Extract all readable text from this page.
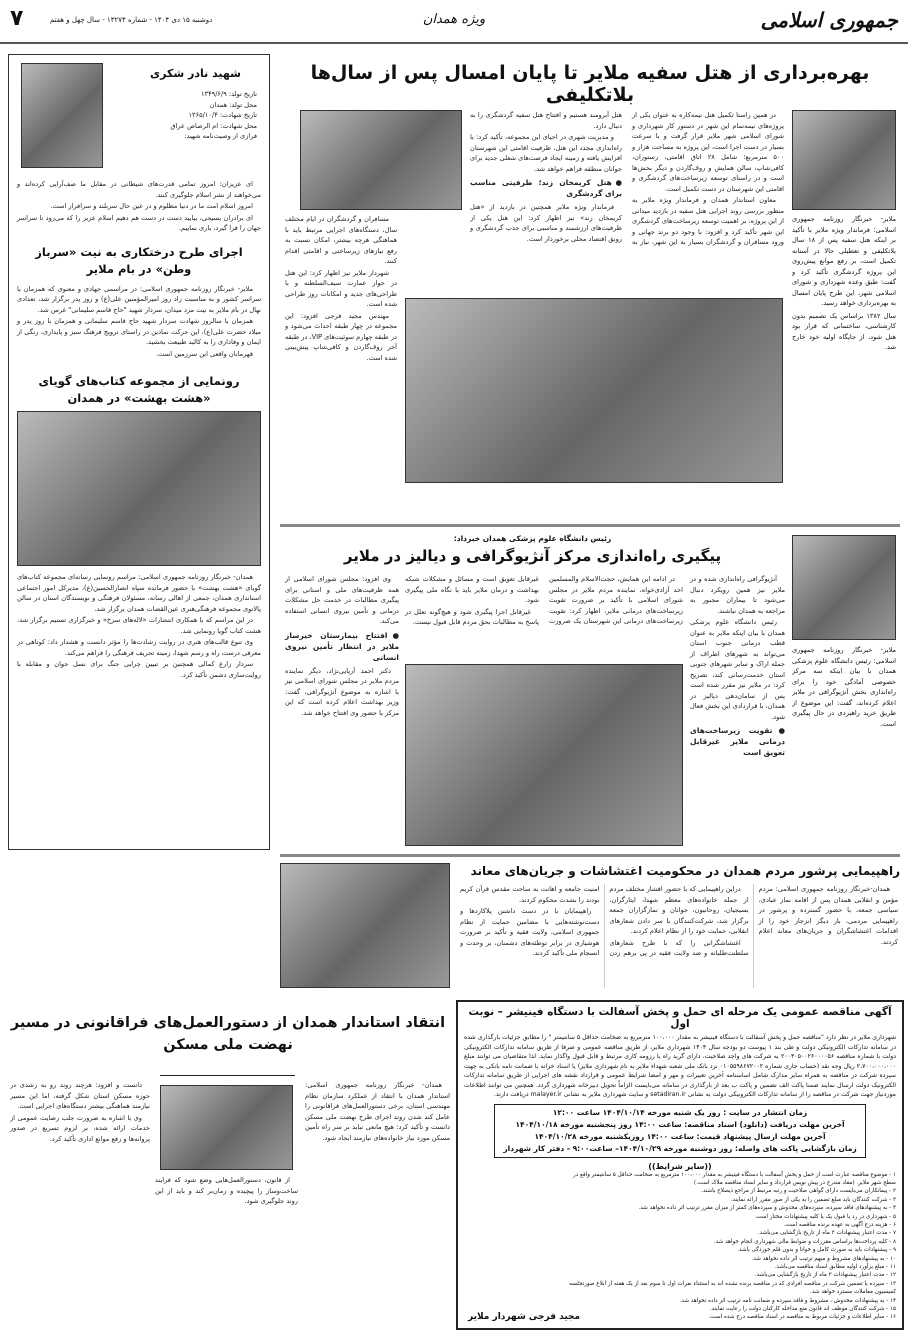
جمهوری اسلامی
ویژه همدان
۷	دوشنبه ۱۵ دی ۱۴۰۴ - شماره ۱۳۲۷۴ - سال چهل و هفتم
شهید نادر شکری
تاریخ تولد: ۱۳۴۹/۶/۹
محل تولد: همدان
تاریخ شهادت: ۱۳۶۵/۱۰/۴
محل شهادت: ام الرصاص عراق
فرازی از وصیت‌نامه شهید:

ای عزیزان؛ امروز تمامی قدرت‌های شیطانی در مقابل ما صف‌آرایی کرده‌اند و می‌خواهند از نشر اسلام جلوگیری کنند.

امروز اسلام امت ما در دنیا مظلوم و در عین حال سربلند و سرافراز است.

ای برادران بسیجی، بیایید دست در دست هم دهیم اسلام عزیز را که می‌رود تا سراسر جهان را فرا گیرد، یاری نماییم.

اجرای طرح درختکاری به نیت «سرباز وطن» در بام ملایر

ملایر- خبرنگار روزنامه جمهوری اسلامی: در مراسمی جهادی و معنوی که همزمان با سراسر کشور و به مناسبت زاد روز امیرالمؤمنین علی(ع) و روز پدر برگزار شد، تعدادی نهال در بام ملایر به نیت مرد میدان، سردار شهید "حاج قاسم سلیمانی" غرس شد.

همزمان با سالروز شهادت سردار شهید حاج قاسم سلیمانی و همزمان با روز پدر و میلاد حضرت علی(ع)، این حرکت نمادین در راستای ترویج فرهنگ سبز و پایداری، رنگی از ایمان و وفاداری را به کالبد طبیعت بخشید.

قهرمانان واقعی این سرزمین است.

رونمایی از مجموعه کتاب‌های گویای «هشت بهشت» در همدان

همدان- خبرنگار روزنامه جمهوری اسلامی: مراسم رونمایی رسانه‌ای مجموعه کتاب‌های گویای «هشت بهشت» با حضور فرمانده سپاه انصارالحسین(ع)، مدیرکل امور اجتماعی استانداری همدان، جمعی از اهالی رسانه، مسئولان فرهنگی و نویسندگان استان در سالن پالاتوی مجموعه فرهنگی‌هنری عین‌القضات همدان برگزار شد.

در این مراسم که با همکاری انتشارات «لاله‌های سرخ» و خبرگزاری تسنیم برگزار شد، هشت کتاب گویا رونمایی شد.

وی تنوع قالب‌های هنری در روایت رشادت‌ها را مؤثر دانست و هشدار داد: کوتاهی در معرفی درست راه و رسم شهدا، زمینه تحریف فرهنگی را فراهم می‌کند.

سردار زارع کمالی همچنین بر تبیین چرایی جنگ برای نسل جوان و مقابله با روایت‌سازی دشمن تأکید کرد.

بهره‌برداری از هتل سفیه ملایر تا پایان امسال پس از سال‌ها بلاتکلیفی

ملایر- خبرنگار روزنامه جمهوری اسلامی: فرماندار ویژه ملایر با تأکید بر اینکه هتل سفیه پس از ۱۸ سال بلاتکلیفی و تعطیلی حالا در آستانه تکمیل است، بر رفع موانع پیش‌روی این پروژه گردشگری تأکید کرد و گفت: طبق وعده شهرداری و شورای اسلامی شهر، این طرح پایان امسال به بهره‌برداری خواهد رسید.

سال ۱۳۸۲ براساس یک تصمیم بدون کارشناسی، ساختمانی که قرار بود هتل شود، از جایگاه اولیه خود خارج شد.

در همین راستا تکمیل هتل نیمه‌کاره به عنوان یکی از پروژه‌های نیمه‌تمام این شهر در دستور کار شهرداری و شورای اسلامی شهر ملایر قرار گرفت و با سرعت بسیار در دست اجرا است، این پروژه به مساحت هزار و ۵۰۰ مترمربع؛ شامل ۲۸ اتاق اقامتی، رستوران، کافی‌شاپ، سالن همایش و روف‌گاردن و دیگر بخش‌ها است و در راستای توسعه زیرساخت‌های گردشگری و اقامتی این شهرستان در دست تکمیل است.

معاون استاندار همدان و فرماندار ویژه ملایر به منظور بررسی روند اجرایی هتل سفیه در بازدید میدانی از این پروژه، بر اهمیت توسعه زیرساخت‌های گردشگری این شهر تأکید کرد و افزود: با وجود دو برند جهانی و ورود مسافران و گردشگران بسیار به این شهر، نیاز به هتل آبرومند هستیم و افتتاح هتل سفیه گردشگری را به دنبال دارد.

و مدیریت شهری در احیای این مجموعه، تأکید کرد: با راه‌اندازی مجدد این هتل، ظرفیت اقامتی این شهرستان افزایش یافته و زمینه ایجاد فرصت‌های شغلی جدید برای جوانان منطقه فراهم خواهد شد.

●هتل کریمخان زند؛ ظرفیتی مناسب برای گردشگری

فرماندار ویژه ملایر همچنین در بازدید از «هتل کریمخان زند» نیز اظهار کرد: این هتل یکی از ظرفیت‌های ارزشمند و مناسبی برای جذب گردشگری و رونق اقتصاد محلی برخوردار است.

مسافران و گردشگران در ایام مختلف سال، دستگاه‌های اجرایی مرتبط باید با هماهنگی هرچه بیشتر، امکان نسبت به رفع نیازهای زیرساختی و اقامتی اقدام کنند.

شهردار ملایر نیز اظهار کرد: این هتل در جوار عمارت سیف‌السلطنه و با طراحی‌های جدید و امکانات روز طراحی شده است.

مهندس مجید فرجی افزود: این مجموعه در چهار طبقه احداث می‌شود و در طبقه چهارم سوئیت‌های VIP، در طبقه آخر روف‌گاردن و کافی‌شاپ پیش‌بینی شده است.

رئیس دانشگاه علوم پزشکی همدان خبرداد:
پیگیری راه‌اندازی مرکز آنژیوگرافی و دیالیز در ملایر
ملایر- خبرنگار روزنامه جمهوری اسلامی: رئیس دانشگاه علوم پزشکی همدان با بیان اینکه سه مرکز خصوصی آمادگی خود را برای راه‌اندازی بخش آنژیوگرافی در ملایر اعلام کرده‌اند، گفت: این موضوع از طریق خرید راهبردی در حال پیگیری است.

آنژیوگرافی راه‌اندازی شده و در ملایر نیز همین رویکرد دنبال می‌شود تا بیماران مجبور به مراجعه به همدان نباشند.

رئیس دانشگاه علوم پزشکی همدان با بیان اینکه ملایر به عنوان قطب درمانی جنوب استان می‌تواند به شهرهای اطراف از جمله اراک و سایر شهرهای جنوبی استان خدمت‌رسانی کند، تصریح کرد: در ملایر نیز مقرر شده است پس از سامان‌دهی دیالیز در همدان، با قراردادی این بخش فعال شود.

●تقویت زیرساخت‌های درمانی ملایر غیرقابل تعویق است

در ادامه این همایش، حجت‌الاسلام والمسلمین احد آزادی‌خواه، نماینده مردم ملایر در مجلس شورای اسلامی با تأکید بر ضرورت تقویت زیرساخت‌های درمانی ملایر، اظهار کرد: تقویت زیرساخت‌های درمانی این شهرستان یک ضرورت غیرقابل تعویق است و مسائل و مشکلات شبکه بهداشت و درمان ملایر باید با نگاه ملی پیگیری شود.

غیرقابل اجرا پیگیری شود و هیچ‌گونه تعلل در پاسخ به مطالبات بحق مردم قابل قبول نیست.

وی افزود: مجلس شورای اسلامی از همه ظرفیت‌های ملی و استانی برای پیگیری مطالبات در خدمت حل مشکلات درمانی و تأمین نیروی انسانی استفاده می‌کند.

●افتتاح بیمارستان خیرساز ملایر در انتظار تأمین نیروی انسانی

دکتر احمد آریایی‌نژاد، دیگر نماینده مردم ملایر در مجلس شورای اسلامی نیز با اشاره به موضوع آنژیوگرافی، گفت: وزیر بهداشت اعلام کرده است که این مرکز با حضور وی افتتاح خواهد شد.

راهپیمایی پرشور مردم همدان در محکومیت اغتشاشات و جریان‌های معاند

همدان-خبرنگار روزنامه جمهوری اسلامی: مردم مؤمن و انقلابی همدان پس از اقامه نماز عبادی، سیاسی جمعه، با حضور گسترده و پرشور در راهپیمایی مردمی، بار دیگر انزجار خود را از اقدامات اغتشاشگران و جریان‌های معاند اعلام کردند.

دراین راهپیمایی که با حضور اقشار مختلف مردم از جمله خانواده‌های معظم شهدا، ایثارگران، بسیجیان، روحانیون، جوانان و نمازگزاران جمعه برگزار شد، شرکت‌کنندگان با سر دادن شعارهای انقلابی، حمایت خود را از نظام اعلام کردند.

اغتشاشگرانی را که با طرح شعارهای سلطنت‌طلبانه و ضد ولایت فقیه در پی برهم زدن امنیت جامعه و اهانت به ساحت مقدس قرآن کریم بودند را بشدت محکوم کردند.

راهپیمایان با در دست داشتن پلاکاردها و دست‌نوشته‌هایی با مضامین حمایت از نظام جمهوری اسلامی، ولایت فقیه و تأکید بر ضرورت هوشیاری در برابر توطئه‌های دشمنان، بر وحدت و انسجام ملی تأکید کردند.

انتقاد استاندار همدان از دستورالعمل‌های فراقانونی در مسیر نهضت ملی مسکن

همدان- خبرنگار روزنامه جمهوری اسلامی: استاندار همدان با انتقاد از عملکرد سازمان نظام مهندسی استان، برخی دستورالعمل‌های فراقانونی را عامل کند شدن روند اجرای طرح نهضت ملی مسکن دانست و تأکید کرد: هیچ مانعی نباید بر سر راه تأمین مسکن مورد نیاز خانواده‌های نیازمند ایجاد شود.

از قانون، دستورالعمل‌هایی وضع شود که فرایند ساخت‌وساز را پیچیده و زمان‌بر کند و باید از این روند جلوگیری شود.

دانست و افزود: هرچند روند رو به رشدی در حوزه مسکن استان شکل گرفته، اما این مسیر نیازمند هماهنگی بیشتر دستگاه‌های اجرایی است.

وی با اشاره به ضرورت جلب رضایت عمومی از خدمات ارائه شده، بر لزوم تسریع در صدور پروانه‌ها و رفع موانع اداری تأکید کرد.

آگهی مناقصه عمومی یک مرحله ای حمل و پخش آسفالت با دستگاه فینیشر – نوبت اول
شهرداری ملایر در نظر دارد "مناقصه حمل و پخش آسفالت با دستگاه فینیشر به مقدار ۱۰۰،۰۰۰ مترمربع به ضخامت حداقل ۵ سانتیمتر " را مطابق جزئیات بارگذاری شده در سامانه تدارکات الکترونیکی دولت و طی بند ۱ پیوست دو بودجه سال ۱۴۰۴ شهرداری ملایر، از طریق مناقصه عمومی و صرفا از طریق سامانه تدارکات الکترونیکی دولت با شماره مناقصه ۲۰۰۴۰۵۰۰۲۶۰۰۰۰۵۶ به شرکت های واجد صلاحیت، دارای گرید راه یا رزومه کاری مرتبط و قابل قبول واگذار نماید. لذا متقاضیان می توانند مبلغ ۲،۷۰۰،۰۰۰،۰۰۰ ریال وجه نقد (حساب جاری شماره ۰۱۰۵۵۹۸۶۷۲۰۰۲ نزد بانک ملی شعبه شهداء ملایر به نام شهرداری ملایر) یا اسناد خزانه یا ضمانت نامه بانکی به جهت سپرده شرکت در مناقصه به همراه سایر مدارک شامل اساسنامه آخرین تغییرات و مهر و امضا شرایط عمومی و قرارداد نقشه های اجرایی از طریق سامانه تدارکات الکترونیک دولت ارسال نمایند ضمنا پاکت الف تضمین و پاکت ب بعد از بارگذاری در سامانه می‌بایست الزاماً تحویل دبیرخانه شهرداری گردد. همچنین می توانند اطلاعات موردنیاز جهت شرکت در مناقصه را از سامانه تدارکات الکترونیکی دولت به نشانی setadiran.ir و سایت شهرداری ملایر به نشانی malayer.ir دریافت دارند.
زمان انتشار در سایت : روز یک شنبه مورخه ۱۴۰۴/۱۰/۱۴ ساعت ۱۲:۰۰
آخرین مهلت دریافت (دانلود) اسناد مناقصه: ساعت ۱۴:۰۰ روز پنجشنبه مورخه ۱۴۰۴/۱۰/۱۸
آخرین مهلت ارسال پیشنهاد قیمت: ساعت ۱۴:۰۰ روزیکشنبه مورخه ۱۴۰۴/۱۰/۲۸
زمان بازگشایی پاکت های واصله: روز دوشنبه مورخه ۱۴۰۴/۱۰/۲۹– ساعت۹:۰۰ - دفتر کار شهردار
((سایر شرایط))
۱ - موضوع مناقصه عبارت است از حمل و پخش آسفالت با دستگاه فینیشر به مقدار ۱۰۰،۰۰۰ مترمربع به ضخامت حداقل ۵ سانتیمتر واقع در سطح شهر ملایر. (مقاد مندرج در پیش نویس قرارداد و سایر اسناد مناقصه ملاک است.)
۲ - پیمانکاران می‌بایست دارای گواهی صلاحیت و رتبه مرتبط از مراجع ذیصلاح باشند.
۳ - شرکت کنندگان باید مبلغ تضمین را به یکی از صور مقرر ارائه نمایند.
۴ - به پیشنهادهای فاقد سپرده، سپرده‌های مخدوش و سپرده‌های کمتر از میزان مقرر ترتیب اثر داده نخواهد شد.
۵ - شهرداری در رد یا قبول یک یا کلیه پیشنهادات مختار است.
۶ - هزینه درج آگهی به عهده برنده مناقصه است.
۷ - مدت اعتبار پیشنهادات ۳ ماه از تاریخ بازگشایی می‌باشد.
۸ - کلیه پرداخت‌ها براساس مقررات و ضوابط مالی شهرداری انجام خواهد شد.
۹ - پیشنهادات باید به صورت کامل و خوانا و بدون قلم خوردگی باشد.
۱۰ - به پیشنهادهای مشروط و مبهم ترتیب اثر داده نخواهد شد.
۱۱ - مبلغ برآورد اولیه مطابق اسناد مناقصه می‌باشد.
۱۲ - مدت اعتبار پیشنهادات ۳ ماه از تاریخ بازگشایی می‌باشد.
۱۳ - سپرده یا تضمین شرکت در مناقصه افرادی که در مناقصه برنده نشده اند به استثناء نفرات اول تا سوم بعد از یک هفته از ابلاغ صورتجلسه کمیسیون معاملات مسترد خواهد شد.
۱۴ - به پیشنهادات مخدوش ، مشروط و فاقد سپرده و ضمانت نامه ترتیب اثر داده نخواهد شد.
۱۵ - شرکت کنندگان موظف اند قانون منع مداخله کارکنان دولت را رعایت نمایند.
۱۶ - سایر اطلاعات و جزئیات مربوط به مناقصه در اسناد مناقصه درج شده است.
مجید فرجی شهردار ملایر
